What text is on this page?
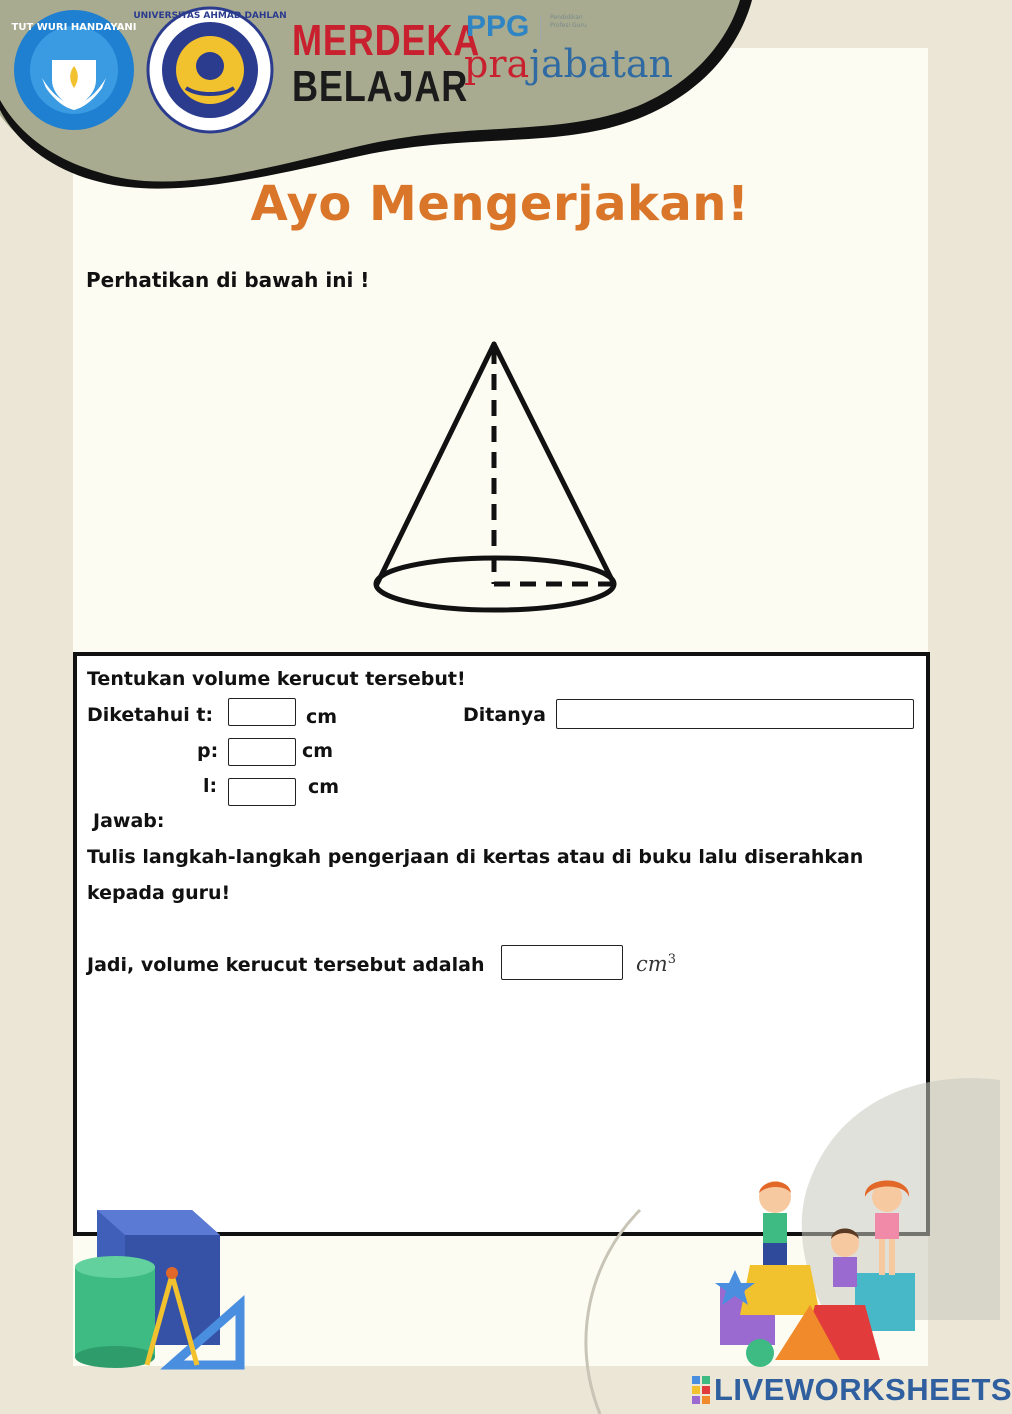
TUT WURI HANDAYANI
UNIVERSITAS AHMAD DAHLAN MERDEKA
BELAJAR
PPG	Pendidikan Profesi Guru
prajabatan
Ayo Mengerjakan!
Perhatikan di bawah ini !
Tentukan volume kerucut tersebut!
Diketahui t:	cm	Ditanya
p:	cm
l:	cm
Jawab:
Tulis langkah-langkah pengerjaan di kertas atau di buku lalu diserahkan
kepada guru!
Jadi, volume kerucut tersebut adalah	$cm^3$
LIVEWORKSHEETS
